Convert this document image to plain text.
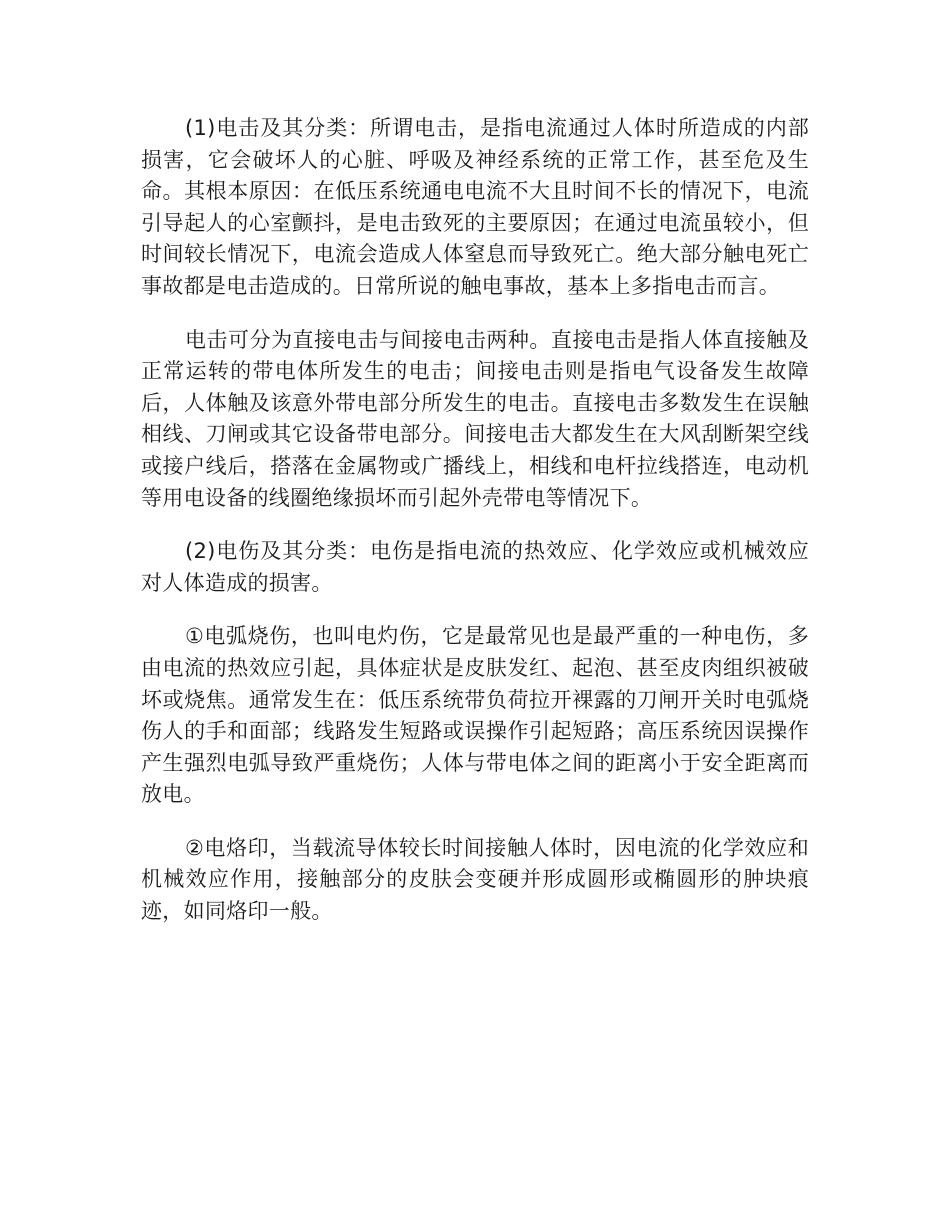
(1)电击及其分类：所谓电击，是指电流通过人体时所造成的内部损害，它会破坏人的心脏、呼吸及神经系统的正常工作，甚至危及生命。其根本原因：在低压系统通电电流不大且时间不长的情况下，电流引导起人的心室颤抖，是电击致死的主要原因；在通过电流虽较小，但时间较长情况下，电流会造成人体窒息而导致死亡。绝大部分触电死亡事故都是电击造成的。日常所说的触电事故，基本上多指电击而言。

电击可分为直接电击与间接电击两种。直接电击是指人体直接触及正常运转的带电体所发生的电击；间接电击则是指电气设备发生故障后，人体触及该意外带电部分所发生的电击。直接电击多数发生在误触相线、刀闸或其它设备带电部分。间接电击大都发生在大风刮断架空线或接户线后，搭落在金属物或广播线上，相线和电杆拉线搭连，电动机等用电设备的线圈绝缘损坏而引起外壳带电等情况下。

(2)电伤及其分类：电伤是指电流的热效应、化学效应或机械效应对人体造成的损害。

①电弧烧伤，也叫电灼伤，它是最常见也是最严重的一种电伤，多由电流的热效应引起，具体症状是皮肤发红、起泡、甚至皮肉组织被破坏或烧焦。通常发生在：低压系统带负荷拉开裸露的刀闸开关时电弧烧伤人的手和面部；线路发生短路或误操作引起短路；高压系统因误操作产生强烈电弧导致严重烧伤；人体与带电体之间的距离小于安全距离而放电。

②电烙印，当载流导体较长时间接触人体时，因电流的化学效应和机械效应作用，接触部分的皮肤会变硬并形成圆形或椭圆形的肿块痕迹，如同烙印一般。
